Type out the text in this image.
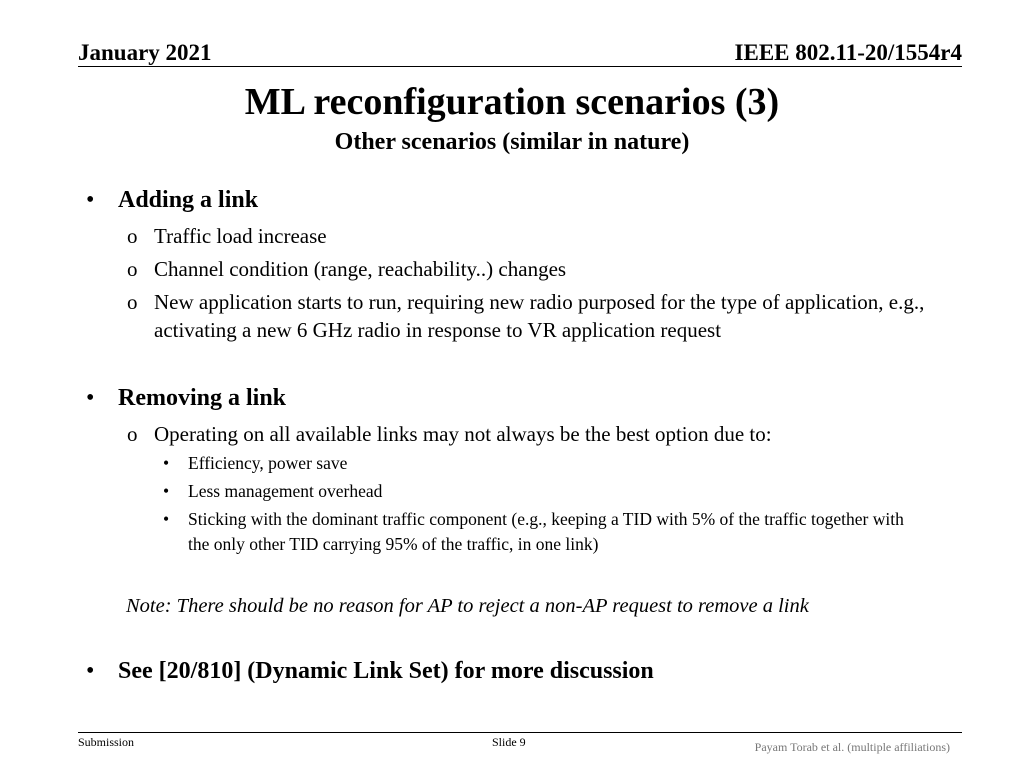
January 2021	IEEE 802.11-20/1554r4
ML reconfiguration scenarios (3)
Other scenarios (similar in nature)
• Adding a link
o Traffic load increase
o Channel condition (range, reachability..) changes
o New application starts to run, requiring new radio purposed for the type of application, e.g., activating a new 6 GHz radio in response to VR application request
• Removing a link
o Operating on all available links may not always be the best option due to:
• Efficiency, power save
• Less management overhead
• Sticking with the dominant traffic component (e.g., keeping a TID with 5% of the traffic together with the only other TID carrying 95% of the traffic, in one link)
Note: There should be no reason for AP to reject a non-AP request to remove a link
• See [20/810] (Dynamic Link Set) for more discussion
Submission	Slide 9	Payam Torab et al. (multiple affiliations)
